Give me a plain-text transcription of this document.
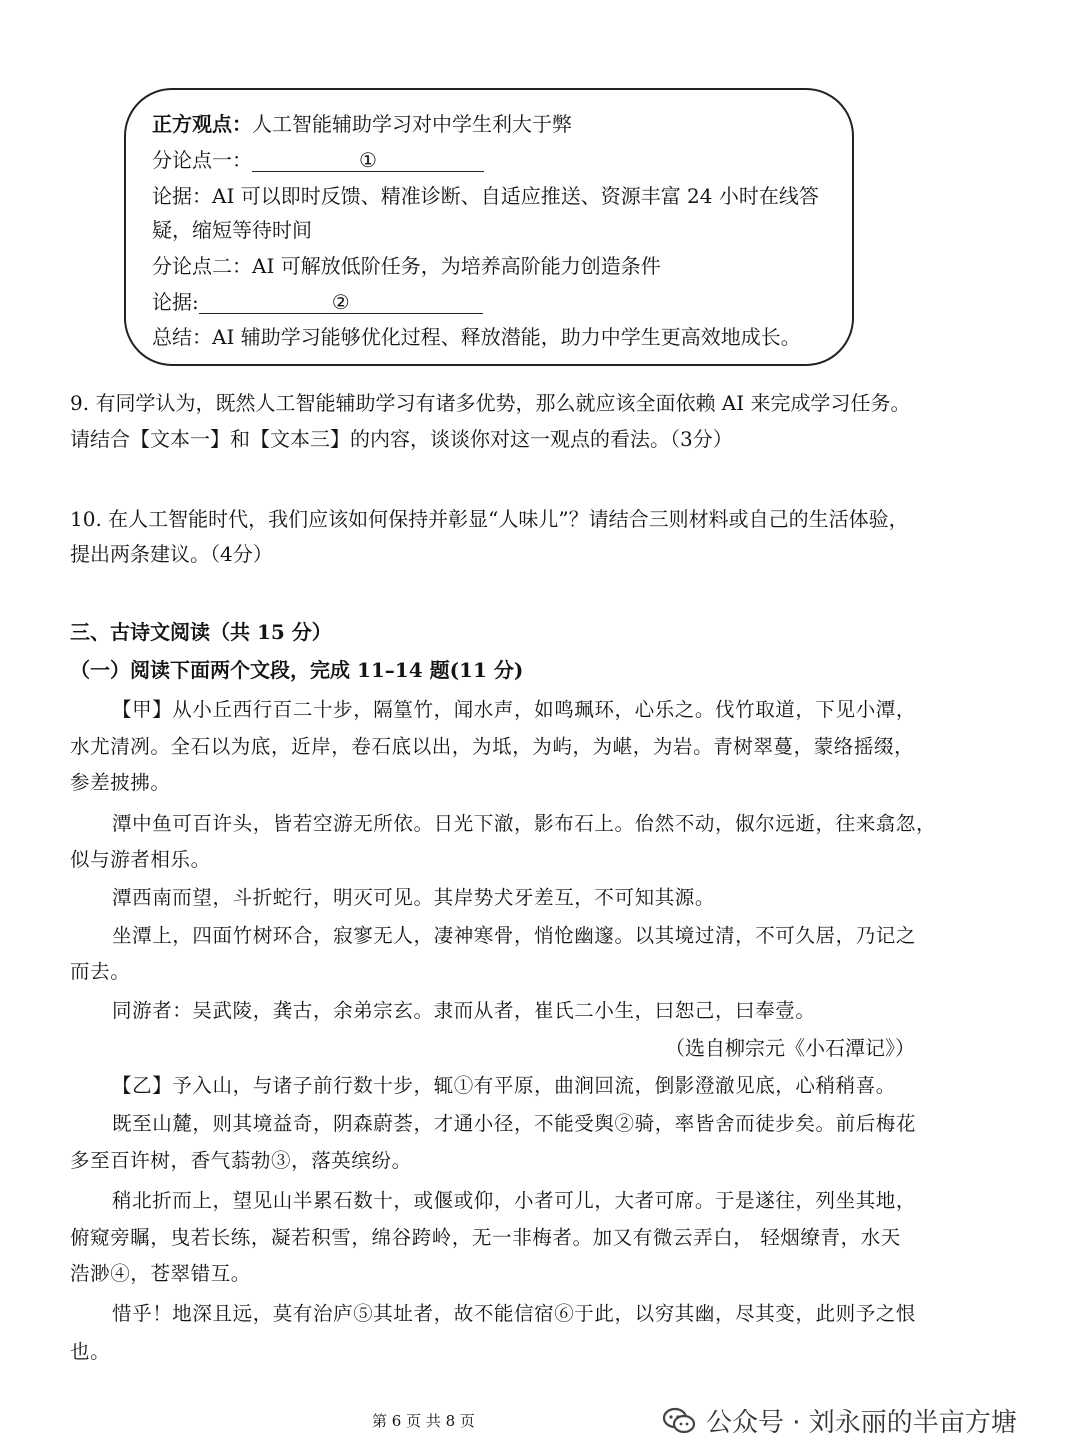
正方观点：人工智能辅助学习对中学生利大于弊
分论点一：	①
论据：AI 可以即时反馈、精准诊断、自适应推送、资源丰富 24 小时在线答
疑，缩短等待时间
分论点二：AI 可解放低阶任务，为培养高阶能力创造条件
论据:	②
总结：AI 辅助学习能够优化过程、释放潜能，助力中学生更高效地成长。
9. 有同学认为，既然人工智能辅助学习有诸多优势，那么就应该全面依赖 AI 来完成学习任务。
请结合【文本一】和【文本三】的内容，谈谈你对这一观点的看法。（3分）
10. 在人工智能时代，我们应该如何保持并彰显“人味儿”？请结合三则材料或自己的生活体验，
提出两条建议。（4分）
三、古诗文阅读（共 15 分）
（一）阅读下面两个文段，完成 11–14 题(11 分)
【甲】从小丘西行百二十步，隔篁竹，闻水声，如鸣珮环，心乐之。伐竹取道，下见小潭，
水尤清冽。全石以为底，近岸，卷石底以出，为坻，为屿，为嵁，为岩。青树翠蔓，蒙络摇缀，
参差披拂。
潭中鱼可百许头，皆若空游无所依。日光下澈，影布石上。佁然不动，俶尔远逝，往来翕忽，
似与游者相乐。
潭西南而望，斗折蛇行，明灭可见。其岸势犬牙差互，不可知其源。
坐潭上，四面竹树环合，寂寥无人，凄神寒骨，悄怆幽邃。以其境过清，不可久居，乃记之
而去。
同游者：吴武陵，龚古，余弟宗玄。隶而从者，崔氏二小生，曰恕己，曰奉壹。
（选自柳宗元《小石潭记》）
【乙】予入山，与诸子前行数十步，辄①有平原，曲涧回流，倒影澄澈见底，心稍稍喜。
既至山麓，则其境益奇，阴森蔚荟，才通小径，不能受舆②骑，率皆舍而徒步矣。前后梅花
多至百许树，香气蓊勃③，落英缤纷。
稍北折而上，望见山半累石数十，或偃或仰，小者可儿，大者可席。于是遂往，列坐其地，
俯窥旁瞩，曳若长练，凝若积雪，绵谷跨岭，无一非梅者。加又有微云弄白， 轻烟缭青，水天
浩渺④，苍翠错互。
惜乎！地深且远，莫有治庐⑤其址者，故不能信宿⑥于此，以穷其幽，尽其变，此则予之恨
也。
第 6 页 共 8 页	公众号 · 刘永丽的半亩方塘
